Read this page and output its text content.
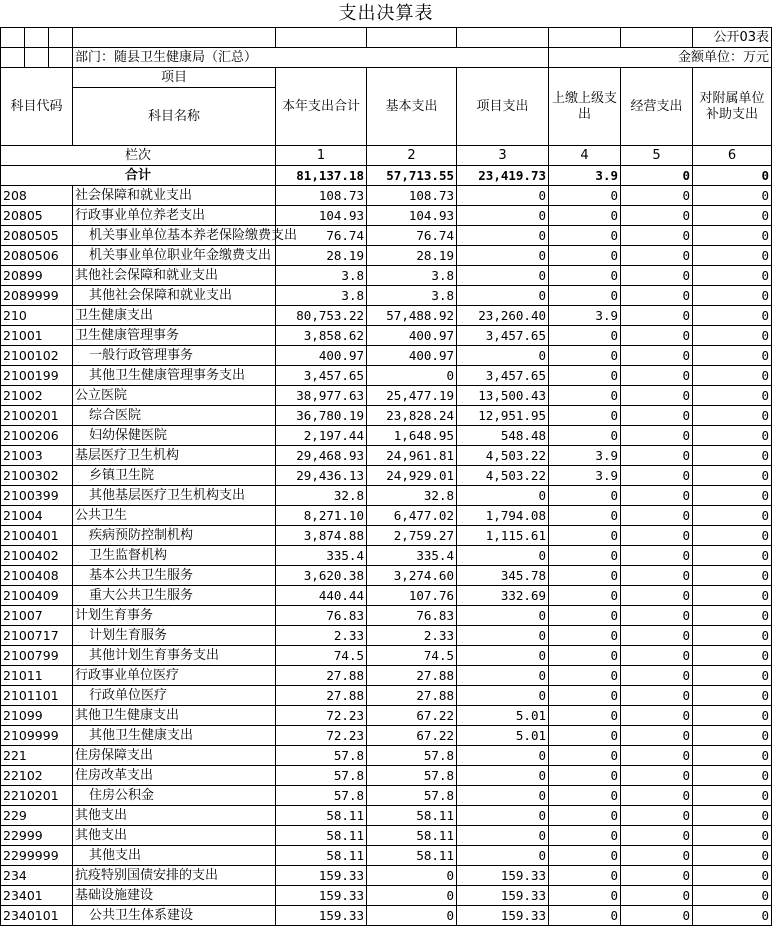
支出决算表
									公开03表
			部门：随县卫生健康局（汇总）				金额单位：万元		
科目代码			项目
科目名称	本年支出合计	基本支出	项目支出	上缴上级支出	经营支出	对附属单位补助支出
栏次				1	2	3	4	5	6
合计				81,137.18	57,713.55	23,419.73	3.9	0	0
208			社会保障和就业支出	108.73	108.73	0	0	0	0
20805			行政事业单位养老支出	104.93	104.93	0	0	0	0
2080505			机关事业单位基本养老保险缴费支出	76.74	76.74	0	0	0	0
2080506			机关事业单位职业年金缴费支出	28.19	28.19	0	0	0	0
20899			其他社会保障和就业支出	3.8	3.8	0	0	0	0
2089999			其他社会保障和就业支出	3.8	3.8	0	0	0	0
210			卫生健康支出	80,753.22	57,488.92	23,260.40	3.9	0	0
21001			卫生健康管理事务	3,858.62	400.97	3,457.65	0	0	0
2100102			一般行政管理事务	400.97	400.97	0	0	0	0
2100199			其他卫生健康管理事务支出	3,457.65	0	3,457.65	0	0	0
21002			公立医院	38,977.63	25,477.19	13,500.43	0	0	0
2100201			综合医院	36,780.19	23,828.24	12,951.95	0	0	0
2100206			妇幼保健医院	2,197.44	1,648.95	548.48	0	0	0
21003			基层医疗卫生机构	29,468.93	24,961.81	4,503.22	3.9	0	0
2100302			乡镇卫生院	29,436.13	24,929.01	4,503.22	3.9	0	0
2100399			其他基层医疗卫生机构支出	32.8	32.8	0	0	0	0
21004			公共卫生	8,271.10	6,477.02	1,794.08	0	0	0
2100401			疾病预防控制机构	3,874.88	2,759.27	1,115.61	0	0	0
2100402			卫生监督机构	335.4	335.4	0	0	0	0
2100408			基本公共卫生服务	3,620.38	3,274.60	345.78	0	0	0
2100409			重大公共卫生服务	440.44	107.76	332.69	0	0	0
21007			计划生育事务	76.83	76.83	0	0	0	0
2100717			计划生育服务	2.33	2.33	0	0	0	0
2100799			其他计划生育事务支出	74.5	74.5	0	0	0	0
21011			行政事业单位医疗	27.88	27.88	0	0	0	0
2101101			行政单位医疗	27.88	27.88	0	0	0	0
21099			其他卫生健康支出	72.23	67.22	5.01	0	0	0
2109999			其他卫生健康支出	72.23	67.22	5.01	0	0	0
221			住房保障支出	57.8	57.8	0	0	0	0
22102			住房改革支出	57.8	57.8	0	0	0	0
2210201			住房公积金	57.8	57.8	0	0	0	0
229			其他支出	58.11	58.11	0	0	0	0
22999			其他支出	58.11	58.11	0	0	0	0
2299999			其他支出	58.11	58.11	0	0	0	0
234			抗疫特别国债安排的支出	159.33	0	159.33	0	0	0
23401			基础设施建设	159.33	0	159.33	0	0	0
2340101			公共卫生体系建设	159.33	0	159.33	0	0	0
